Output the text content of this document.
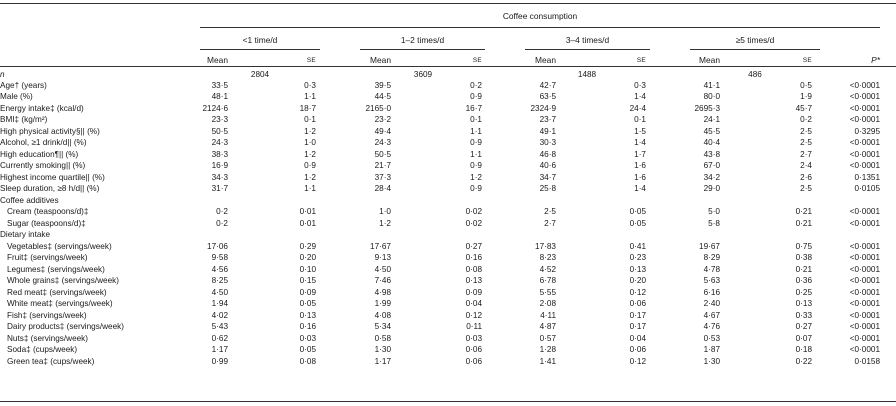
Coffee consumption
<1 time/d	1–2 times/d	3–4 times/d	≥5 times/d
Mean	SE	Mean	SE	Mean	SE	Mean	SE	P*
n	2804	3609	1488	486
Age† (years)	33·5	0·3	39·5	0·2	42·7	0·3	41·1	0·5	<0·0001
Male (%)	48·1	1·1	44·5	0·9	63·5	1·4	80·0	1·9	<0·0001
Energy intake‡ (kcal/d)	2124·6	18·7	2165·0	16·7	2324·9	24·4	2695·3	45·7	<0·0001
BMI‡ (kg/m²)	23·3	0·1	23·2	0·1	23·7	0·1	24·1	0·2	<0·0001
High physical activity§|| (%)	50·5	1·2	49·4	1·1	49·1	1·5	45·5	2·5	0·3295
Alcohol, ≥1 drink/d|| (%)	24·3	1·0	24·3	0·9	30·3	1·4	40·4	2·5	<0·0001
High education¶|| (%)	38·3	1·2	50·5	1·1	46·8	1·7	43·8	2·7	<0·0001
Currently smoking|| (%)	16·9	0·9	21·7	0·9	40·6	1·6	67·0	2·4	<0·0001
Highest income quartile|| (%)	34·3	1·2	37·3	1·2	34·7	1·6	34·2	2·6	0·1351
Sleep duration, ≥8 h/d|| (%)	31·7	1·1	28·4	0·9	25·8	1·4	29·0	2·5	0·0105
Coffee additives
Cream (teaspoons/d)‡	0·2	0·01	1·0	0·02	2·5	0·05	5·0	0·21	<0·0001
Sugar (teaspoons/d)‡	0·2	0·01	1·2	0·02	2·7	0·05	5·8	0·21	<0·0001
Dietary intake
Vegetables‡ (servings/week)	17·06	0·29	17·67	0·27	17·83	0·41	19·67	0·75	<0·0001
Fruit‡ (servings/week)	9·58	0·20	9·13	0·16	8·23	0·23	8·29	0·38	<0·0001
Legumes‡ (servings/week)	4·56	0·10	4·50	0·08	4·52	0·13	4·78	0·21	<0·0001
Whole grains‡ (servings/week)	8·25	0·15	7·46	0·13	6·78	0·20	5·63	0·36	<0·0001
Red meat‡ (servings/week)	4·50	0·09	4·98	0·09	5·55	0·12	6·16	0·25	<0·0001
White meat‡ (servings/week)	1·94	0·05	1·99	0·04	2·08	0·06	2·40	0·13	<0·0001
Fish‡ (servings/week)	4·02	0·13	4·08	0·12	4·11	0·17	4·67	0·33	<0·0001
Dairy products‡ (servings/week)	5·43	0·16	5·34	0·11	4·87	0·17	4·76	0·27	<0·0001
Nuts‡ (servings/week)	0·62	0·03	0·58	0·03	0·57	0·04	0·53	0·07	<0·0001
Soda‡ (cups/week)	1·17	0·05	1·30	0·06	1·28	0·06	1·87	0·18	<0·0001
Green tea‡ (cups/week)	0·99	0·08	1·17	0·06	1·41	0·12	1·30	0·22	0·0158
